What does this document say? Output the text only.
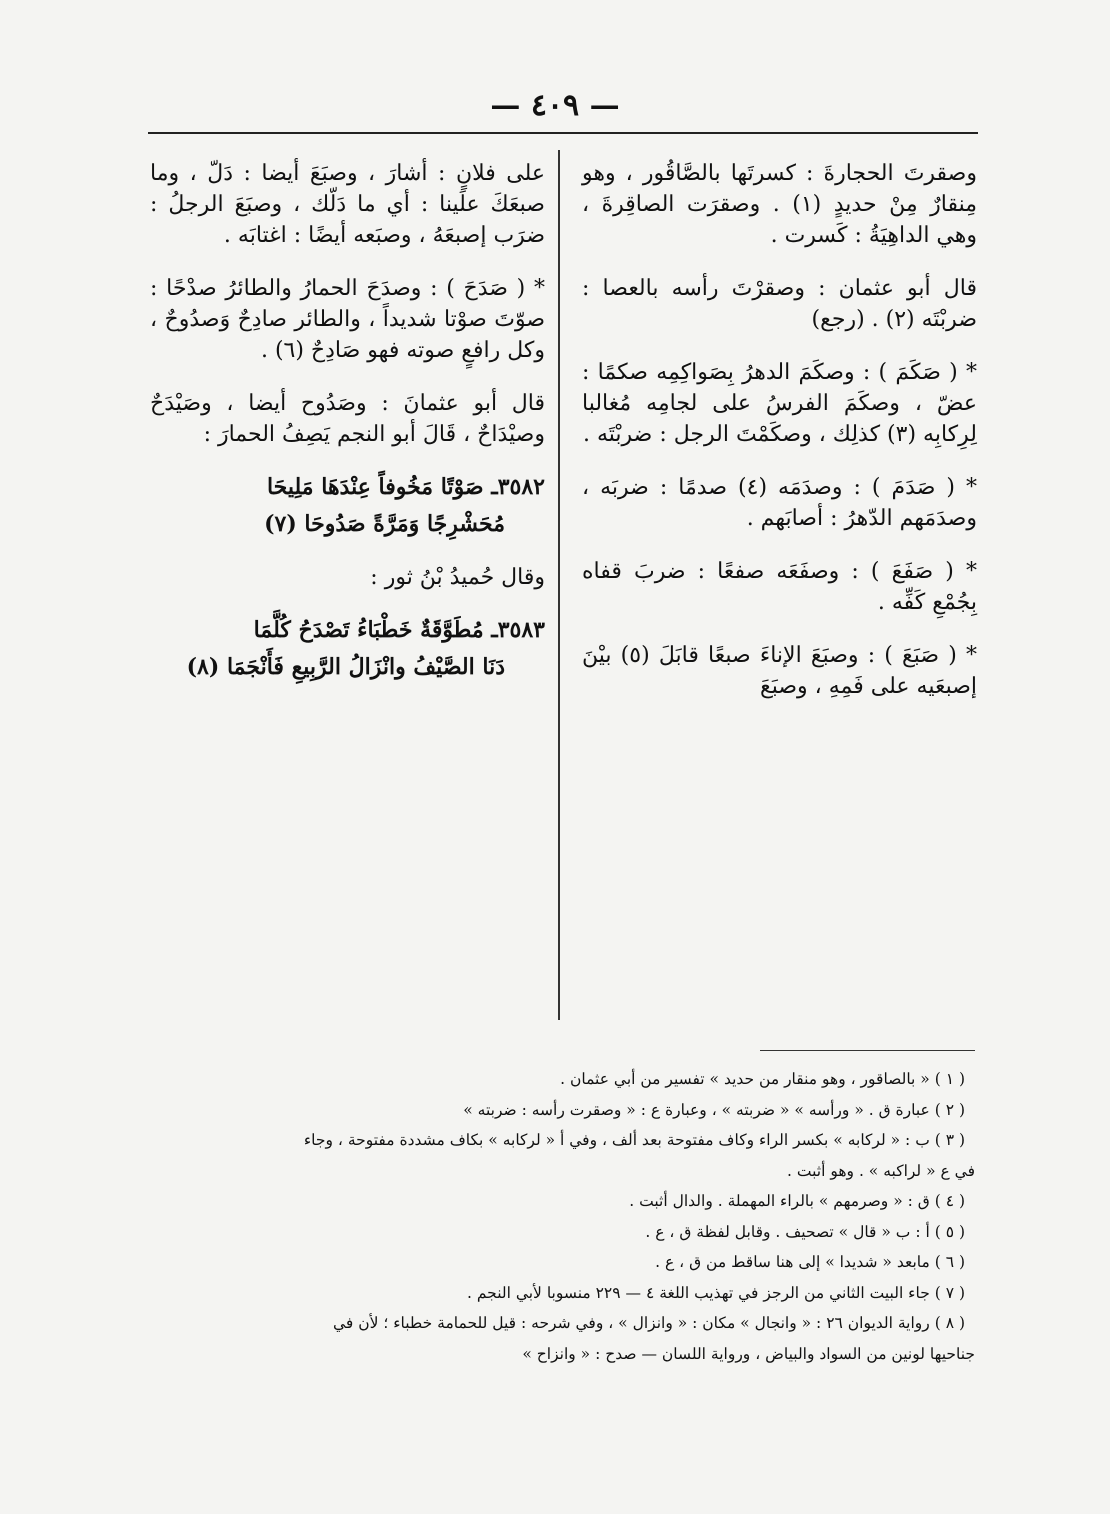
— ٤٠٩ —

وصقرتَ الحجارةَ : كسرتَها بالصَّاقُور ، وهو مِنقارٌ مِنْ حديدٍ (١) . وصقرَت الصاقِرةَ ، وهي الداهِيَةُ : كَسرت .

قال أبو عثمان : وصقرْتَ رأسه بالعصا : ضربْتَه (٢) . (رجع)

* ( صَكَمَ ) : وصكَمَ الدهرُ بِصَواكِمِه صكمًا : عضّ ، وصكَمَ الفرسُ على لجامِه مُغالبا لِرِكابِه (٣) كذلِك ، وصكَمْتَ الرجل : ضربْتَه .

* ( صَدَمَ ) : وصدَمَه (٤) صدمًا : ضربَه ، وصدَمَهم الدّهرُ : أصابَهم .

* ( صَفَعَ ) : وصفَعَه صفعًا : ضربَ قفاه بِجُمْعِ كَفِّه .

* ( صَبَعَ ) : وصبَعَ الإناءَ صبعًا قابَلَ (٥) بيْنَ إصبعَيه على فَمِهِ ، وصبَعَ

على فلانٍ : أشارَ ، وصبَعَ أيضا : دَلّ ، وما صبعَكَ علَينا : أي ما دَلّك ، وصبَعَ الرجلُ : ضرَب إصبعَهُ ، وصبَعه أيضًا : اغتابَه .

* ( صَدَحَ ) : وصدَحَ الحمارُ والطائرُ صدْحًا : صوّتَ صوْتا شديداً ، والطائر صادِحٌ وَصدُوحٌ ، وكل رافعٍ صوته فهو صَادِحٌ (٦) .

قال أبو عثمانَ : وصَدُوح أيضا ، وصَيْدَحٌ وصيْدَاحٌ ، قَالَ أبو النجم يَصِفُ الحمارَ :

٣٥٨٢ـ صَوْتًا مَخُوفاً عِنْدَهَا مَلِيحَا

مُحَشْرِجًا وَمَرَّةً صَدُوحَا (٧)

وقال حُميدُ بْنُ ثور :

٣٥٨٣ـ مُطَوَّقَةٌ خَطْبَاءُ تَصْدَحُ كُلَّمَا

دَنَا الصَّيْفُ وانْزَالُ الرَّبِيعِ فَأَنْجَمَا (٨)

( ١ ) « بالصاقور ، وهو منقار من حديد » تفسير من أبي عثمان .

( ٢ ) عبارة ق . « ورأسه » « ضربته » ، وعبارة ع : « وصقرت رأسه : ضربته »

( ٣ ) ب : « لركابه » بكسر الراء وكاف مفتوحة بعد ألف ، وفي أ « لركابه » بكاف مشددة مفتوحة ، وجاء

في ع « لراكبه » . وهو أثبت .

( ٤ ) ق : « وصرمهم » بالراء المهملة . والدال أثبت .

( ٥ ) أ : ب « قال » تصحيف . وقابل لفظة ق ، ع .

( ٦ ) مابعد « شديدا » إلى هنا ساقط من ق ، ع .

( ٧ ) جاء البيت الثاني من الرجز في تهذيب اللغة ٤ — ٢٢٩ منسوبا لأبي النجم .

( ٨ ) رواية الديوان ٢٦ : « وانجال » مكان : « وانزال » ، وفي شرحه : قيل للحمامة خطباء ؛ لأن في

جناحيها لونين من السواد والبياض ، ورواية اللسان — صدح : « وانزاح »
